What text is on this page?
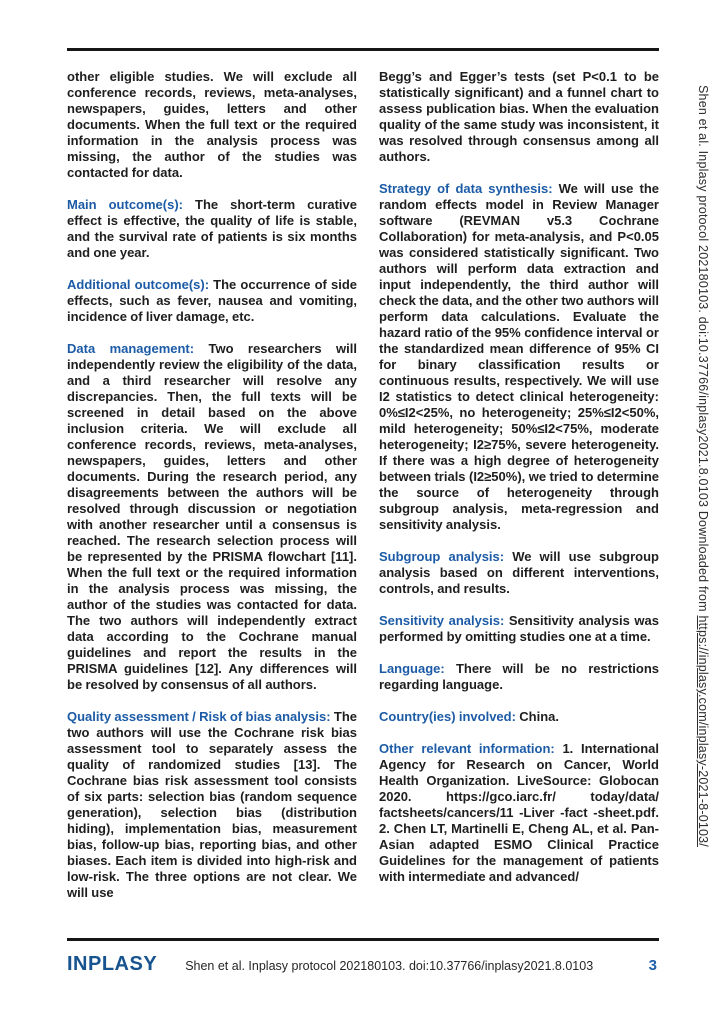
other eligible studies. We will exclude all conference records, reviews, meta-analyses, newspapers, guides, letters and other documents. When the full text or the required information in the analysis process was missing, the author of the studies was contacted for data.

Main outcome(s): The short-term curative effect is effective, the quality of life is stable, and the survival rate of patients is six months and one year.

Additional outcome(s): The occurrence of side effects, such as fever, nausea and vomiting, incidence of liver damage, etc.

Data management: Two researchers will independently review the eligibility of the data, and a third researcher will resolve any discrepancies. Then, the full texts will be screened in detail based on the above inclusion criteria. We will exclude all conference records, reviews, meta-analyses, newspapers, guides, letters and other documents. During the research period, any disagreements between the authors will be resolved through discussion or negotiation with another researcher until a consensus is reached. The research selection process will be represented by the PRISMA flowchart [11]. When the full text or the required information in the analysis process was missing, the author of the studies was contacted for data. The two authors will independently extract data according to the Cochrane manual guidelines and report the results in the PRISMA guidelines [12]. Any differences will be resolved by consensus of all authors.

Quality assessment / Risk of bias analysis: The two authors will use the Cochrane risk bias assessment tool to separately assess the quality of randomized studies [13]. The Cochrane bias risk assessment tool consists of six parts: selection bias (random sequence generation), selection bias (distribution hiding), implementation bias, measurement bias, follow-up bias, reporting bias, and other biases. Each item is divided into high-risk and low-risk. The three options are not clear. We will use

Begg’s and Egger’s tests (set P<0.1 to be statistically significant) and a funnel chart to assess publication bias. When the evaluation quality of the same study was inconsistent, it was resolved through consensus among all authors.

Strategy of data synthesis: We will use the random effects model in Review Manager software (REVMAN v5.3 Cochrane Collaboration) for meta-analysis, and P<0.05 was considered statistically significant. Two authors will perform data extraction and input independently, the third author will check the data, and the other two authors will perform data calculations. Evaluate the hazard ratio of the 95% confidence interval or the standardized mean difference of 95% CI for binary classification results or continuous results, respectively. We will use I2 statistics to detect clinical heterogeneity: 0%≤I2<25%, no heterogeneity; 25%≤I2<50%, mild heterogeneity; 50%≤I2<75%, moderate heterogeneity; I2≥75%, severe heterogeneity. If there was a high degree of heterogeneity between trials (I2≥50%), we tried to determine the source of heterogeneity through subgroup analysis, meta-regression and sensitivity analysis.

Subgroup analysis: We will use subgroup analysis based on different interventions, controls, and results.

Sensitivity analysis: Sensitivity analysis was performed by omitting studies one at a time.

Language: There will be no restrictions regarding language.

Country(ies) involved: China.

Other relevant information: 1. International Agency for Research on Cancer, World Health Organization. LiveSource: Globocan 2020. https://gco.iarc.fr/ today/data/ factsheets/cancers/11 -Liver -fact -sheet.pdf. 2. Chen LT, Martinelli E, Cheng AL, et al. Pan-Asian adapted ESMO Clinical Practice Guidelines for the management of patients with intermediate and advanced/

Shen et al. Inplasy protocol 202180103. doi:10.37766/inplasy2021.8.0103 Downloaded from https://inplasy.com/inplasy-2021-8-0103/
INPLASY Shen et al. Inplasy protocol 202180103. doi:10.37766/inplasy2021.8.0103	3
